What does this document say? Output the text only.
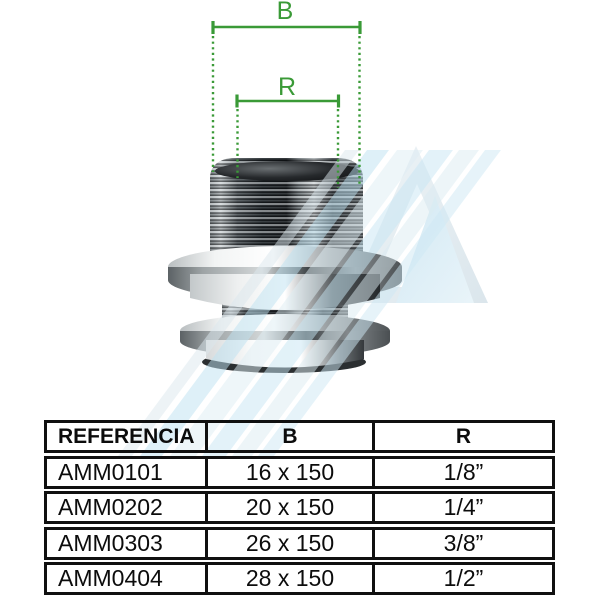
B
R
REFERENCIA	B	R
AMM0101	16 x 150	1/8”
AMM0202	20 x 150	1/4”
AMM0303	26 x 150	3/8”
AMM0404	28 x 150	1/2”
